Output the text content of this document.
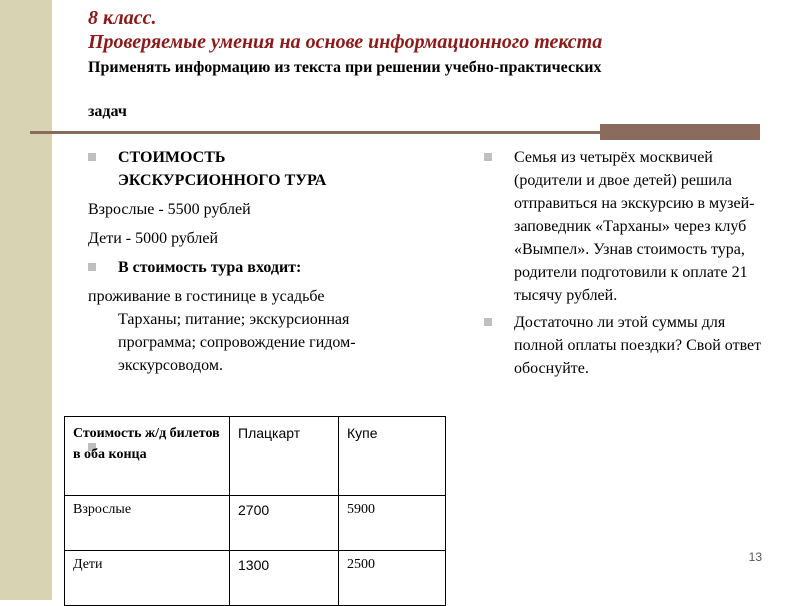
8 класс.
Проверяемые умения на основе информационного текста
Применять информацию из текста при решении учебно-практических
задач
СТОИМОСТЬ
ЭКСКУРСИОННОГО ТУРА
Взрослые - 5500 рублей
Дети - 5000 рублей
В стоимость тура входит:
проживание в гостинице в усадьбе Тарханы; питание; экскурсионная программа; сопровождение гидом-экскурсоводом.
Семья из четырёх москвичей (родители и двое детей) решила отправиться на экскурсию в музей-заповедник «Тарханы» через клуб «Вымпел». Узнав стоимость тура, родители подготовили к оплате 21 тысячу рублей.
Достаточно ли этой суммы для полной оплаты поездки? Свой ответ обоснуйте.
Стоимость ж/д билетов в оба конца	Плацкарт	Купе
Взрослые	2700	5900
Дети	1300	2500	13
